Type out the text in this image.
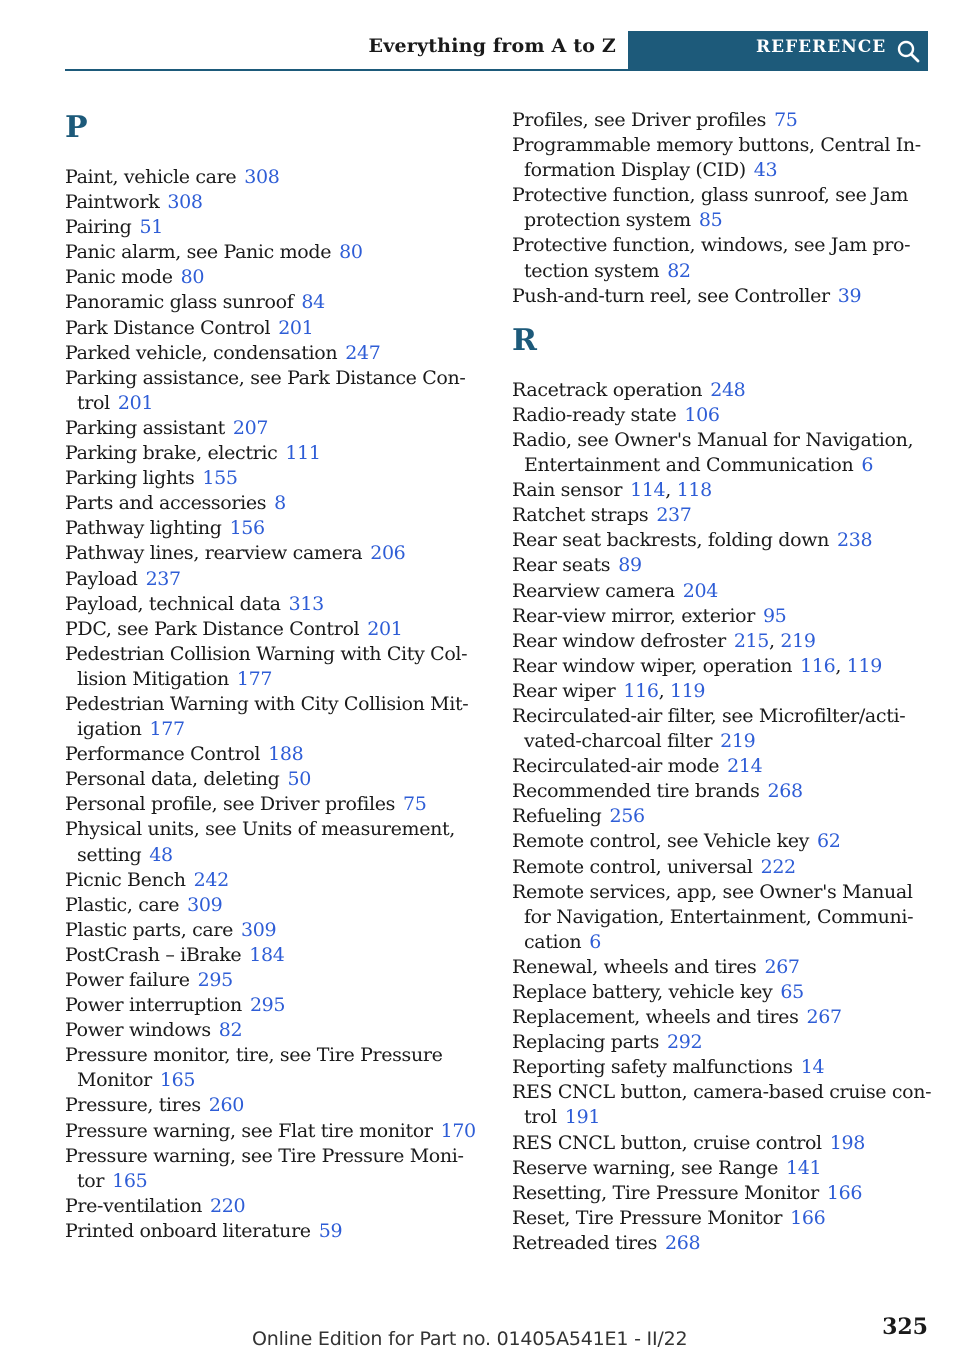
Everything from A to Z	REFERENCE
P
Paint, vehicle care 308
Paintwork 308
Pairing 51
Panic alarm, see Panic mode 80
Panic mode 80
Panoramic glass sunroof 84
Park Distance Control 201
Parked vehicle, condensation 247
Parking assistance, see Park Distance Control 201
Parking assistant 207
Parking brake, electric 111
Parking lights 155
Parts and accessories 8
Pathway lighting 156
Pathway lines, rearview camera 206
Payload 237
Payload, technical data 313
PDC, see Park Distance Control 201
Pedestrian Collision Warning with City Collision Mitigation 177
Pedestrian Warning with City Collision Mitigation 177
Performance Control 188
Personal data, deleting 50
Personal profile, see Driver profiles 75
Physical units, see Units of measurement, setting 48
Picnic Bench 242
Plastic, care 309
Plastic parts, care 309
PostCrash – iBrake 184
Power failure 295
Power interruption 295
Power windows 82
Pressure monitor, tire, see Tire Pressure Monitor 165
Pressure, tires 260
Pressure warning, see Flat tire monitor 170
Pressure warning, see Tire Pressure Monitor 165
Pre-ventilation 220
Printed onboard literature 59
Profiles, see Driver profiles 75
Programmable memory buttons, Central Information Display (CID) 43
Protective function, glass sunroof, see Jam protection system 85
Protective function, windows, see Jam protection system 82
Push-and-turn reel, see Controller 39
R
Racetrack operation 248
Radio-ready state 106
Radio, see Owner's Manual for Navigation, Entertainment and Communication 6
Rain sensor 114, 118
Ratchet straps 237
Rear seat backrests, folding down 238
Rear seats 89
Rearview camera 204
Rear-view mirror, exterior 95
Rear window defroster 215, 219
Rear window wiper, operation 116, 119
Rear wiper 116, 119
Recirculated-air filter, see Microfilter/activated-charcoal filter 219
Recirculated-air mode 214
Recommended tire brands 268
Refueling 256
Remote control, see Vehicle key 62
Remote control, universal 222
Remote services, app, see Owner's Manual for Navigation, Entertainment, Communication 6
Renewal, wheels and tires 267
Replace battery, vehicle key 65
Replacement, wheels and tires 267
Replacing parts 292
Reporting safety malfunctions 14
RES CNCL button, camera-based cruise control 191
RES CNCL button, cruise control 198
Reserve warning, see Range 141
Resetting, Tire Pressure Monitor 166
Reset, Tire Pressure Monitor 166
Retreaded tires 268
Online Edition for Part no. 01405A541E1 - II/22	325
